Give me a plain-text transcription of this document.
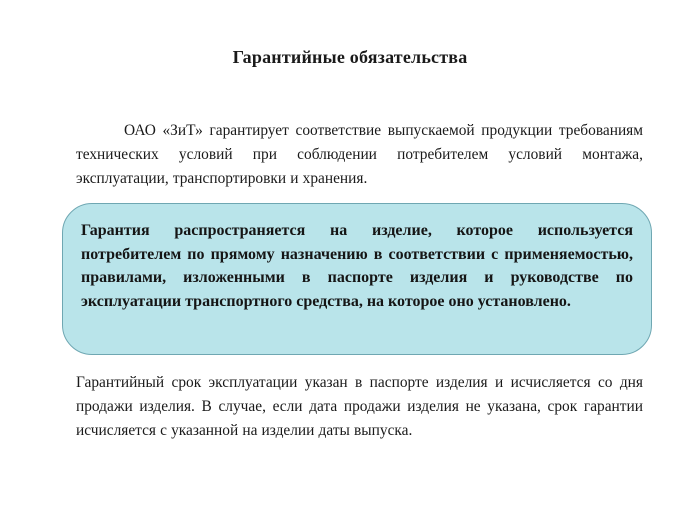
Гарантийные обязательства
ОАО «ЗиТ» гарантирует соответствие выпускаемой продукции требованиям технических условий при соблюдении потребителем условий монтажа, эксплуатации, транспортировки и хранения.
Гарантия распространяется на изделие, которое используется потребителем по прямому назначению в соответствии с применяемостью, правилами, изложенными в паспорте изделия и руководстве по эксплуатации транспортного средства, на которое оно установлено.
Гарантийный срок эксплуатации указан в паспорте изделия и исчисляется со дня продажи изделия. В случае, если дата продажи изделия не указана, срок гарантии исчисляется с указанной на изделии даты выпуска.
